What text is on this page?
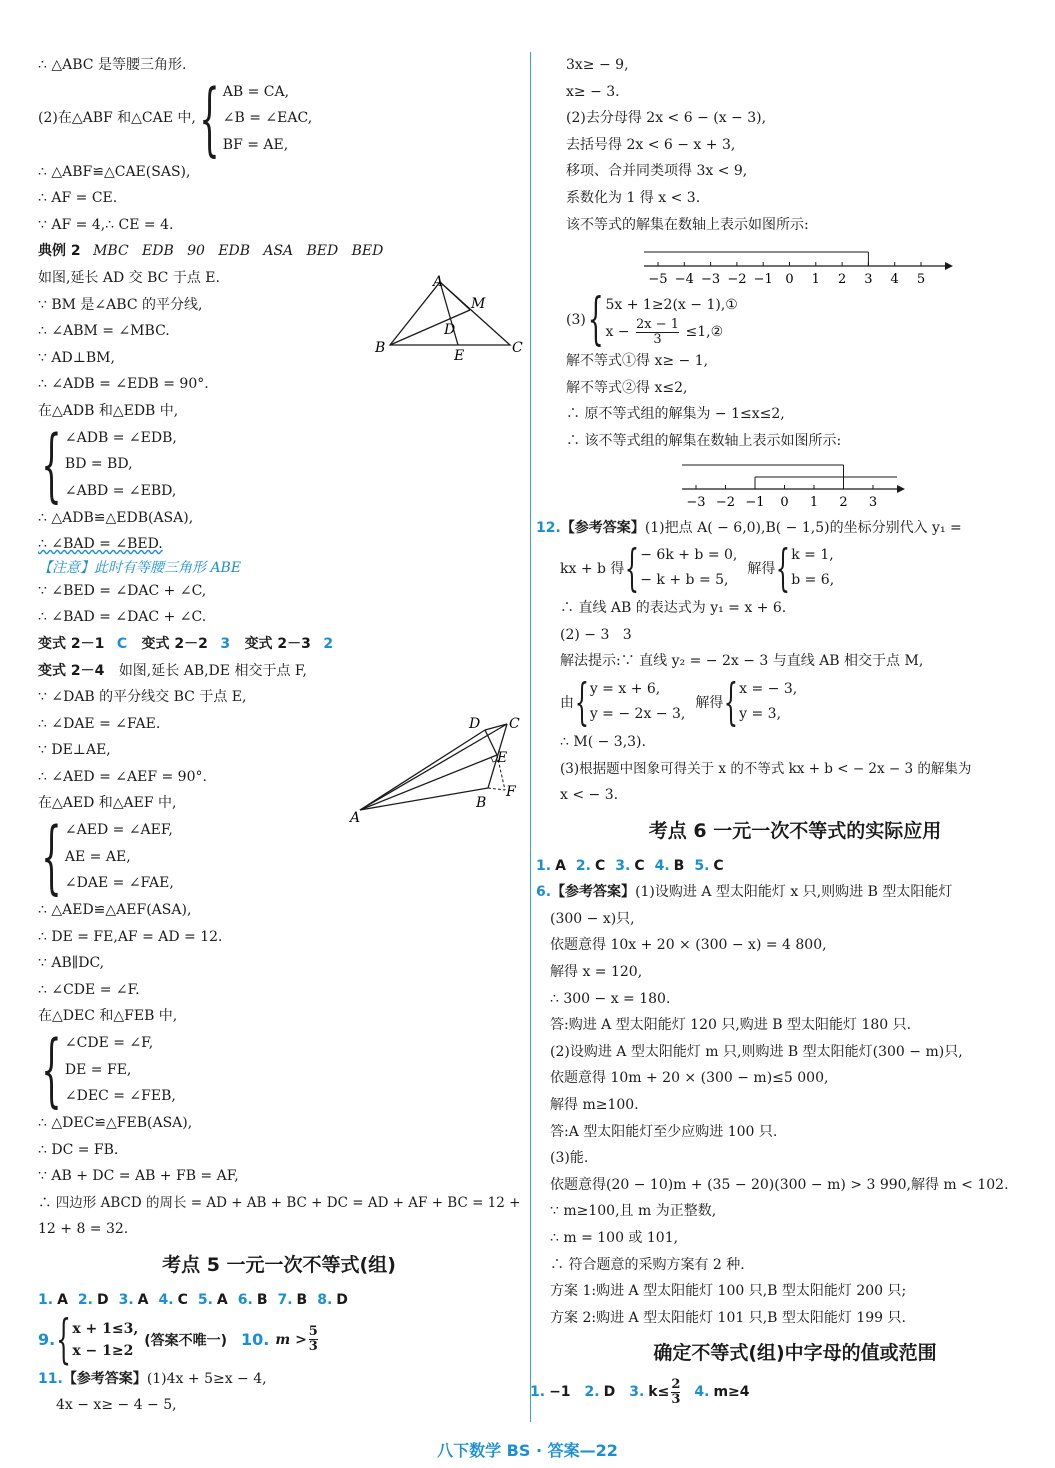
∴ △ABC 是等腰三角形.
(2)在△ABF 和△CAE 中, { AB = CA,
∠B = ∠EAC,
BF = AE,
∴ △ABF≌△CAE(SAS),
∴ AF = CE.
∵ AF = 4,∴ CE = 4.
典例 2 MBC   EDB   90   EDB   ASA   BED   BED
如图,延长 AD 交 BC 于点 E.
∵ BM 是∠ABC 的平分线,
∴ ∠ABM = ∠MBC.
∵ AD⊥BM,
∴ ∠ADB = ∠EDB = 90°.
在△ADB 和△EDB 中,
{ ∠ADB = ∠EDB,
BD = BD,
∠ABD = ∠EBD,
∴ △ADB≌△EDB(ASA),
∴ ∠BAD = ∠BED.
【注意】此时有等腰三角形 ABE
∵ ∠BED = ∠DAC + ∠C,
∴ ∠BAD = ∠DAC + ∠C.
变式 2－1 C 变式 2－2 3 变式 2－3 2
变式 2－4 如图,延长 AB,DE 相交于点 F,
∵ ∠DAB 的平分线交 BC 于点 E,
∴ ∠DAE = ∠FAE.
∵ DE⊥AE,
∴ ∠AED = ∠AEF = 90°.
在△AED 和△AEF 中,
{ ∠AED = ∠AEF,
AE = AE,
∠DAE = ∠FAE,
∴ △AED≌△AEF(ASA),
∴ DE = FE,AF = AD = 12.
∵ AB∥DC,
∴ ∠CDE = ∠F.
在△DEC 和△FEB 中,
{ ∠CDE = ∠F,
DE = FE,
∠DEC = ∠FEB,
∴ △DEC≌△FEB(ASA),
∴ DC = FB.
∵ AB + DC = AB + FB = AF,
∴ 四边形 ABCD 的周长 = AD + AB + BC + DC = AD + AF + BC = 12 +
12 + 8 = 32.
考点 5 一元一次不等式(组)
1. A 2. D 3. A 4. C 5. A 6. B 7. B 8. D
9. { x + 1≤3,
x − 1≥2
(答案不唯一) 10. $m > \frac{5}{3}$
11.【参考答案】(1)4x + 5≥x − 4,
4x − x≥ − 4 − 5,
A
B	C
D
E
M
A
B
C
D
E
F
3x≥ − 9,
x≥ − 3.
(2)去分母得 2x < 6 − (x − 3),
去括号得 2x < 6 − x + 3,
移项、合并同类项得 3x < 9,
系数化为 1 得 x < 3.
该不等式的解集在数轴上表示如图所示:
−5 −4 −3 −2 −1 0 1 2 3 4 5
(3) { 5x + 1≥2(x − 1),①
$x - \frac{2x - 1}{3}$ ≤1,②
解不等式①得 x≥ − 1,
解不等式②得 x≤2,
∴ 原不等式组的解集为 − 1≤x≤2,
∴ 该不等式组的解集在数轴上表示如图所示:
−3 −2 −1 0 1 2 3
12.【参考答案】(1)把点 A( − 6,0),B( − 1,5)的坐标分别代入 y₁ =
kx + b 得 { − 6k + b = 0,
− k + b = 5,
解得 { k = 1,
b = 6,
∴ 直线 AB 的表达式为 y₁ = x + 6.
(2) − 3   3
解法提示:∵ 直线 y₂ = − 2x − 3 与直线 AB 相交于点 M,
由 { y = x + 6,
y = − 2x − 3,
解得 { x = − 3,
y = 3,
∴ M( − 3,3).
(3)根据题中图象可得关于 x 的不等式 kx + b < − 2x − 3 的解集为
x < − 3.
考点 6 一元一次不等式的实际应用
1. A 2. C 3. C 4. B 5. C
6.【参考答案】(1)设购进 A 型太阳能灯 x 只,则购进 B 型太阳能灯
(300 − x)只,
依题意得 10x + 20 × (300 − x) = 4 800,
解得 x = 120,
∴ 300 − x = 180.
答:购进 A 型太阳能灯 120 只,购进 B 型太阳能灯 180 只.
(2)设购进 A 型太阳能灯 m 只,则购进 B 型太阳能灯(300 − m)只,
依题意得 10m + 20 × (300 − m)≤5 000,
解得 m≥100.
答:A 型太阳能灯至少应购进 100 只.
(3)能.
依题意得(20 − 10)m + (35 − 20)(300 − m) > 3 990,解得 m < 102.
∵ m≥100,且 m 为正整数,
∴ m = 100 或 101,
∴ 符合题意的采购方案有 2 种.
方案 1:购进 A 型太阳能灯 100 只,B 型太阳能灯 200 只;
方案 2:购进 A 型太阳能灯 101 只,B 型太阳能灯 199 只.
确定不等式(组)中字母的值或范围
1. −1 2. D 3. $k\le \frac{2}{3} 4$. m≥4
八下数学 BS · 答案—22
